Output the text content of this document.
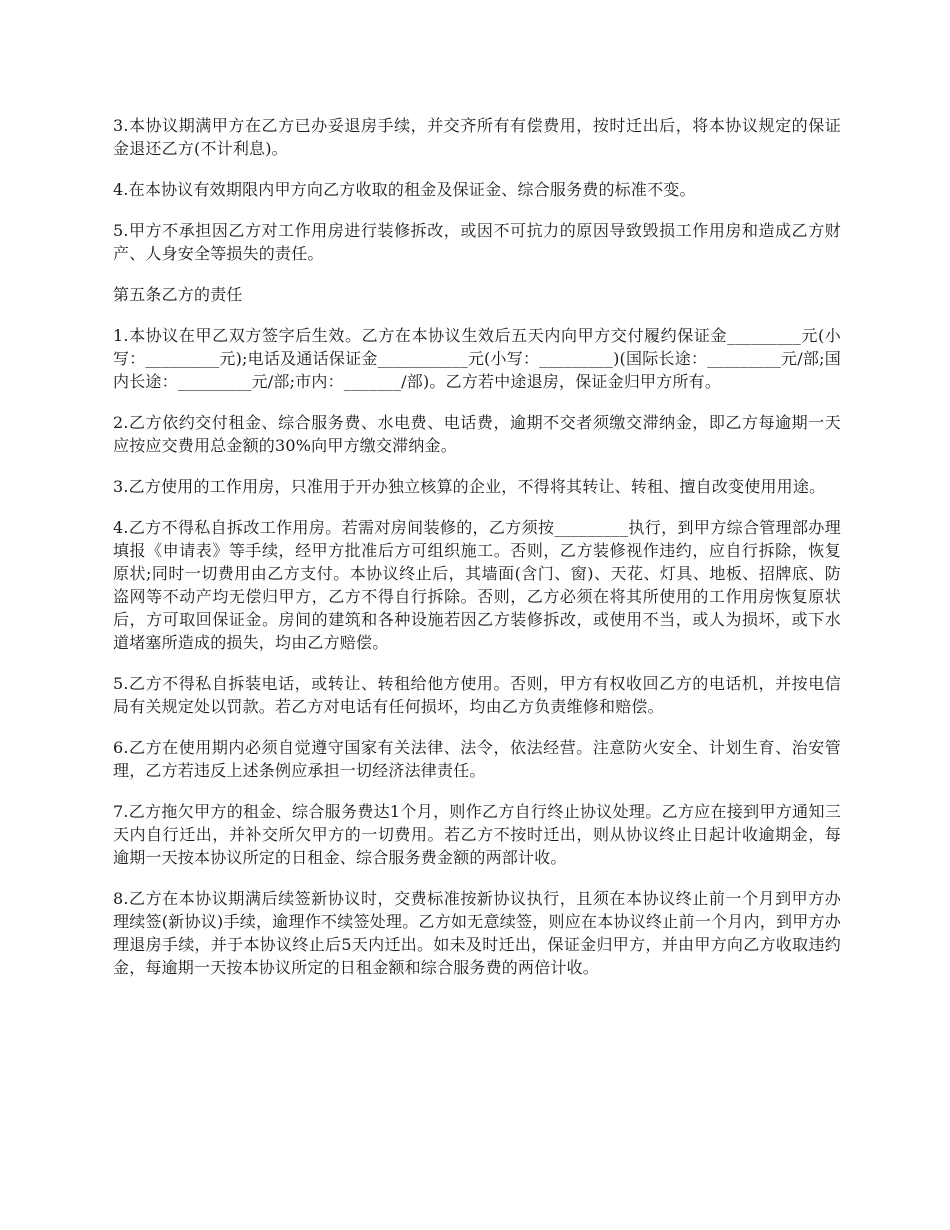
3.本协议期满甲方在乙方已办妥退房手续，并交齐所有有偿费用，按时迁出后，将本协议规定的保证金退还乙方(不计利息)。

4.在本协议有效期限内甲方向乙方收取的租金及保证金、综合服务费的标准不变。

5.甲方不承担因乙方对工作用房进行装修拆改，或因不可抗力的原因导致毁损工作用房和造成乙方财产、人身安全等损失的责任。

第五条乙方的责任

1.本协议在甲乙双方签字后生效。乙方在本协议生效后五天内向甲方交付履约保证金_________元(小写：_________元);电话及通话保证金___________元(小写：_________)(国际长途：_________元/部;国内长途：_________元/部;市内：_______/部)。乙方若中途退房，保证金归甲方所有。

2.乙方依约交付租金、综合服务费、水电费、电话费，逾期不交者须缴交滞纳金，即乙方每逾期一天应按应交费用总金额的30%向甲方缴交滞纳金。

3.乙方使用的工作用房，只准用于开办独立核算的企业，不得将其转让、转租、擅自改变使用用途。

4.乙方不得私自拆改工作用房。若需对房间装修的，乙方须按_________执行，到甲方综合管理部办理填报《申请表》等手续，经甲方批准后方可组织施工。否则，乙方装修视作违约，应自行拆除，恢复原状;同时一切费用由乙方支付。本协议终止后，其墙面(含门、窗)、天花、灯具、地板、招牌底、防盗网等不动产均无偿归甲方，乙方不得自行拆除。否则，乙方必须在将其所使用的工作用房恢复原状后，方可取回保证金。房间的建筑和各种设施若因乙方装修拆改，或使用不当，或人为损坏，或下水道堵塞所造成的损失，均由乙方赔偿。

5.乙方不得私自拆装电话，或转让、转租给他方使用。否则，甲方有权收回乙方的电话机，并按电信局有关规定处以罚款。若乙方对电话有任何损坏，均由乙方负责维修和赔偿。

6.乙方在使用期内必须自觉遵守国家有关法律、法令，依法经营。注意防火安全、计划生育、治安管理，乙方若违反上述条例应承担一切经济法律责任。

7.乙方拖欠甲方的租金、综合服务费达1个月，则作乙方自行终止协议处理。乙方应在接到甲方通知三天内自行迁出，并补交所欠甲方的一切费用。若乙方不按时迁出，则从协议终止日起计收逾期金，每逾期一天按本协议所定的日租金、综合服务费金额的两部计收。

8.乙方在本协议期满后续签新协议时，交费标准按新协议执行，且须在本协议终止前一个月到甲方办理续签(新协议)手续，逾理作不续签处理。乙方如无意续签，则应在本协议终止前一个月内，到甲方办理退房手续，并于本协议终止后5天内迁出。如未及时迁出，保证金归甲方，并由甲方向乙方收取违约金，每逾期一天按本协议所定的日租金额和综合服务费的两倍计收。
